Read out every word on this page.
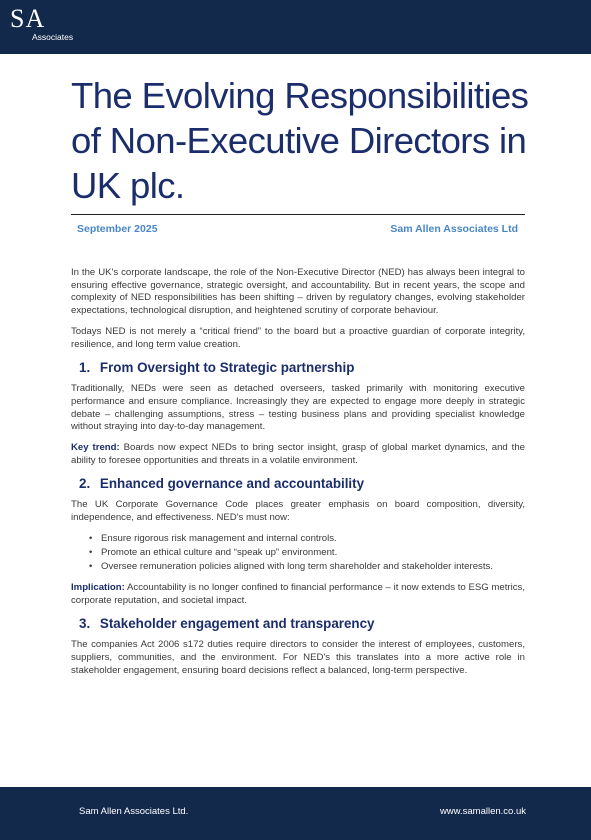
SA
Associates
The Evolving Responsibilities of Non-Executive Directors in UK plc.
September 2025	Sam Allen Associates Ltd

In the UK's corporate landscape, the role of the Non-Executive Director (NED) has always been integral to ensuring effective governance, strategic oversight, and accountability. But in recent years, the scope and complexity of NED responsibilities has been shifting – driven by regulatory changes, evolving stakeholder expectations, technological disruption, and heightened scrutiny of corporate behaviour.

Todays NED is not merely a “critical friend” to the board but a proactive guardian of corporate integrity, resilience, and long term value creation.

1. From Oversight to Strategic partnership

Traditionally, NEDs were seen as detached overseers, tasked primarily with monitoring executive performance and ensure compliance. Increasingly they are expected to engage more deeply in strategic debate – challenging assumptions, stress – testing business plans and providing specialist knowledge without straying into day-to-day management.

Key trend: Boards now expect NEDs to bring sector insight, grasp of global market dynamics, and the ability to foresee opportunities and threats in a volatile environment.

2. Enhanced governance and accountability

The UK Corporate Governance Code places greater emphasis on board composition, diversity, independence, and effectiveness. NED's must now:

• Ensure rigorous risk management and internal controls.
• Promote an ethical culture and “speak up” environment.
• Oversee remuneration policies aligned with long term shareholder and stakeholder interests.

Implication: Accountability is no longer confined to financial performance – it now extends to ESG metrics, corporate reputation, and societal impact.

3. Stakeholder engagement and transparency

The companies Act 2006 s172 duties require directors to consider the interest of employees, customers, suppliers, communities, and the environment. For NED's this translates into a more active role in stakeholder engagement, ensuring board decisions reflect a balanced, long-term perspective.

Sam Allen Associates Ltd.	www.samallen.co.uk
